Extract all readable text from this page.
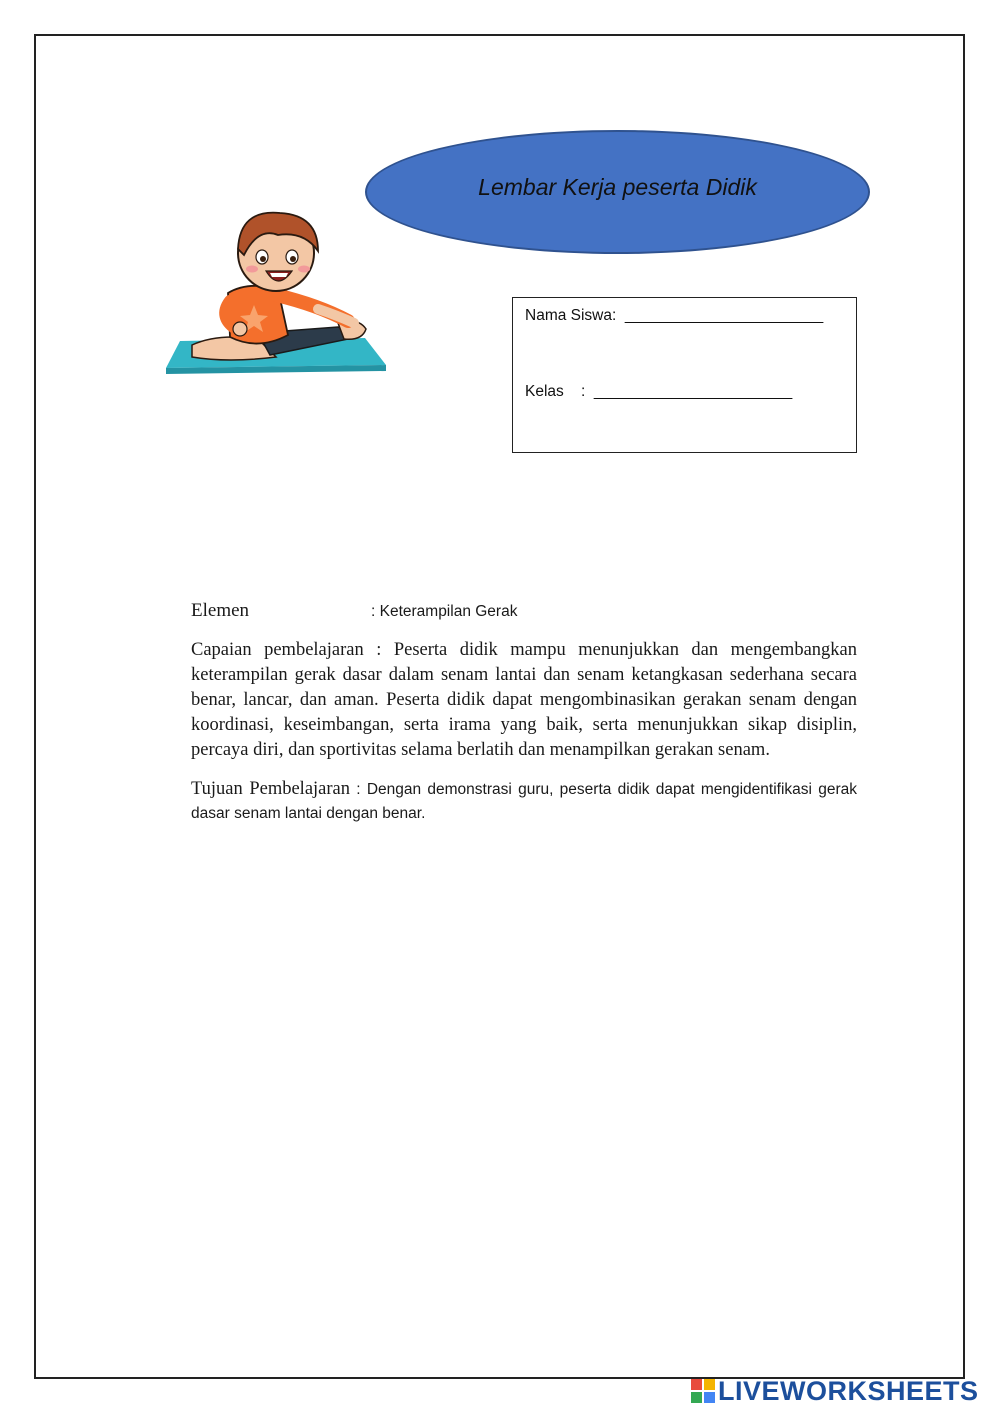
Lembar Kerja peserta Didik
Nama Siswa:  _______________________
Kelas    :  _______________________
Elemen	: Keterampilan Gerak
Capaian pembelajaran : Peserta didik mampu menunjukkan dan mengembangkan keterampilan gerak dasar dalam senam lantai dan senam ketangkasan sederhana secara benar, lancar, dan aman. Peserta didik dapat mengombinasikan gerakan senam dengan koordinasi, keseimbangan, serta irama yang baik, serta menunjukkan sikap disiplin, percaya diri, dan sportivitas selama berlatih dan menampilkan gerakan senam.
Tujuan Pembelajaran : Dengan demonstrasi guru, peserta didik dapat mengidentifikasi gerak dasar senam lantai dengan benar.
LIVEWORKSHEETS
